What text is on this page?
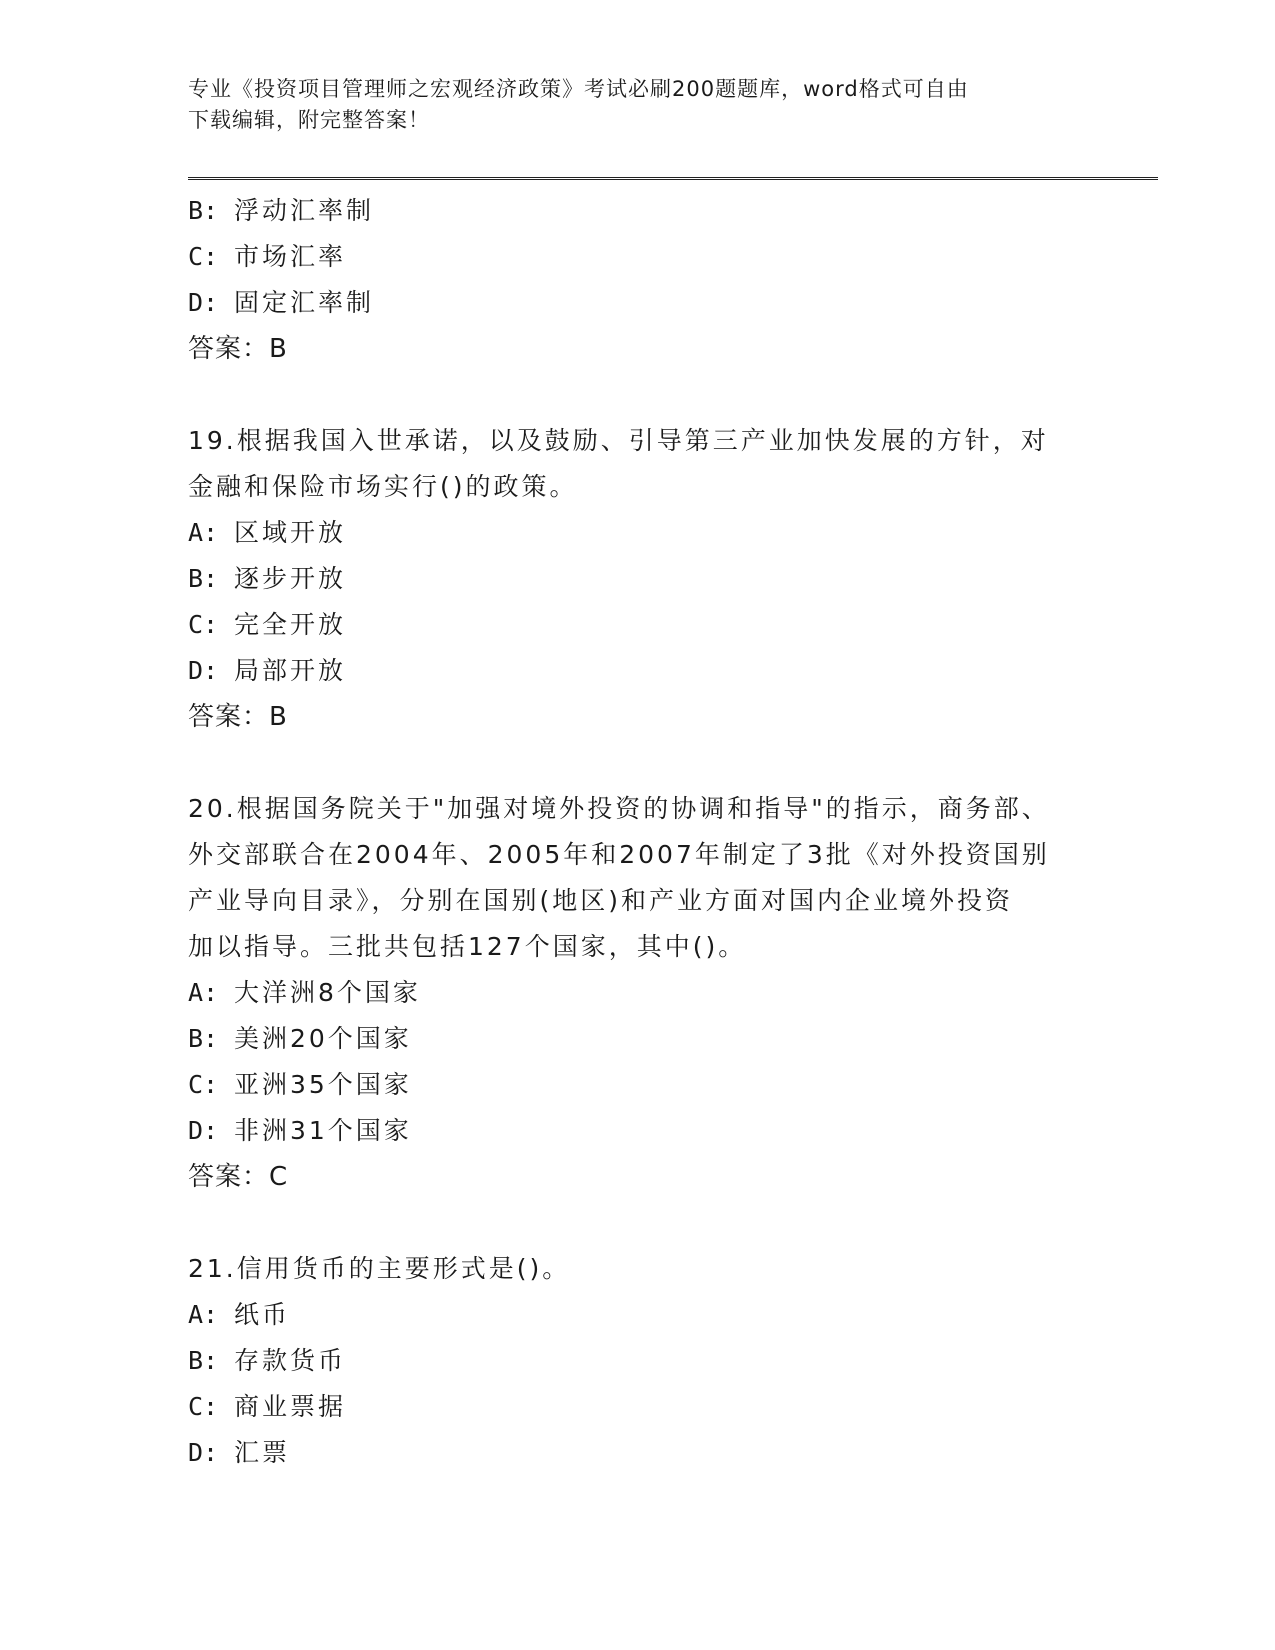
专业《投资项目管理师之宏观经济政策》考试必刷200题题库，word格式可自由
下载编辑，附完整答案！
B: 浮动汇率制
C: 市场汇率
D: 固定汇率制
答案：B
19.根据我国入世承诺，以及鼓励、引导第三产业加快发展的方针，对
金融和保险市场实行()的政策。
A: 区域开放
B: 逐步开放
C: 完全开放
D: 局部开放
答案：B
20.根据国务院关于"加强对境外投资的协调和指导"的指示，商务部、
外交部联合在2004年、2005年和2007年制定了3批《对外投资国别
产业导向目录》，分别在国别(地区)和产业方面对国内企业境外投资
加以指导。三批共包括127个国家，其中()。
A: 大洋洲8个国家
B: 美洲20个国家
C: 亚洲35个国家
D: 非洲31个国家
答案：C
21.信用货币的主要形式是()。
A: 纸币
B: 存款货币
C: 商业票据
D: 汇票
